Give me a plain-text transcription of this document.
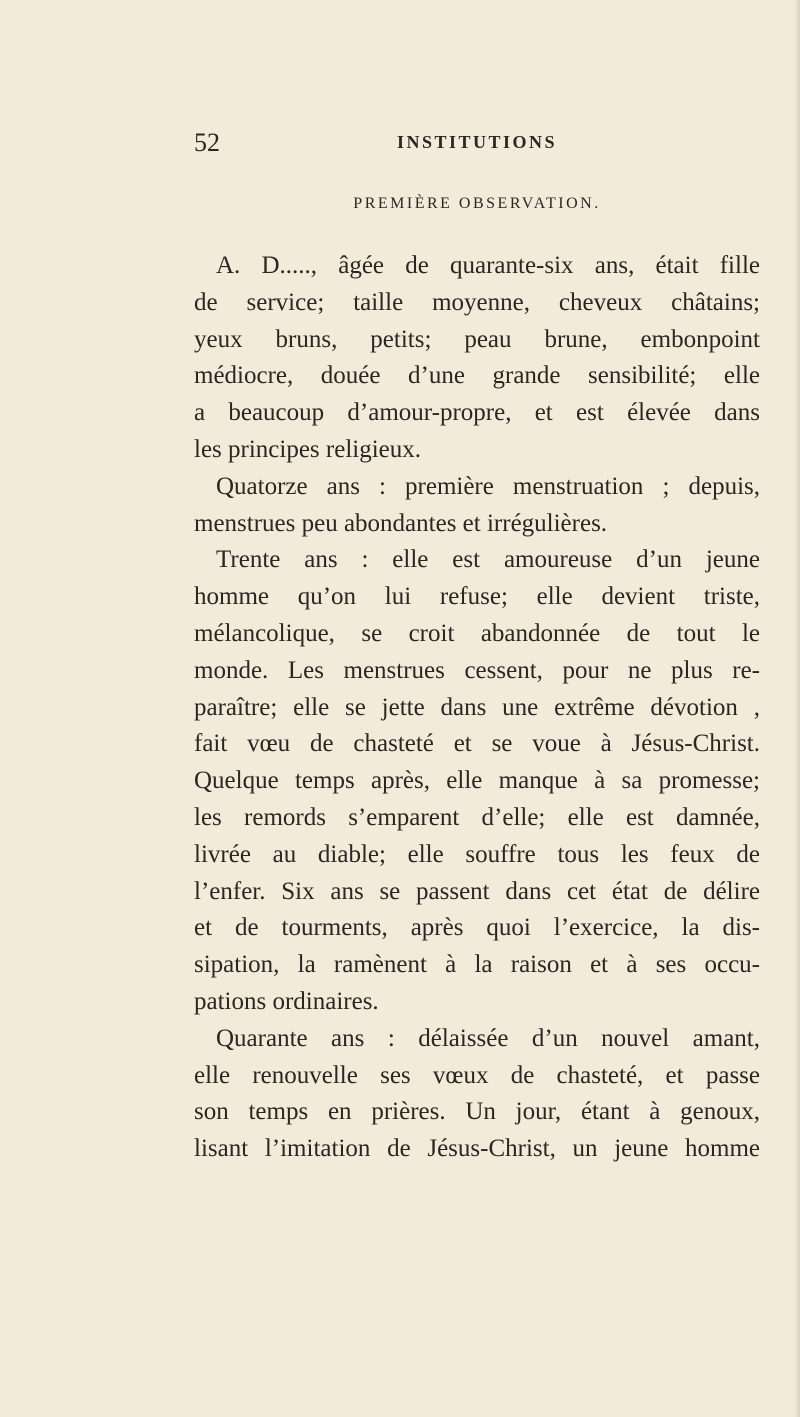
52	INSTITUTIONS
PREMIÈRE OBSERVATION.
A. D....., âgée de quarante-six ans, était fille
de service; taille moyenne, cheveux châtains;
yeux bruns, petits; peau brune, embonpoint
médiocre, douée d’une grande sensibilité; elle
a beaucoup d’amour-propre, et est élevée dans
les principes religieux.
Quatorze ans : première menstruation ; depuis,
menstrues peu abondantes et irrégulières.
Trente ans : elle est amoureuse d’un jeune
homme qu’on lui refuse; elle devient triste,
mélancolique, se croit abandonnée de tout le
monde. Les menstrues cessent, pour ne plus re-
paraître; elle se jette dans une extrême dévotion ,
fait vœu de chasteté et se voue à Jésus-Christ.
Quelque temps après, elle manque à sa promesse;
les remords s’emparent d’elle; elle est damnée,
livrée au diable; elle souffre tous les feux de
l’enfer. Six ans se passent dans cet état de délire
et de tourments, après quoi l’exercice, la dis-
sipation, la ramènent à la raison et à ses occu-
pations ordinaires.
Quarante ans : délaissée d’un nouvel amant,
elle renouvelle ses vœux de chasteté, et passe
son temps en prières. Un jour, étant à genoux,
lisant l’imitation de Jésus-Christ, un jeune homme
